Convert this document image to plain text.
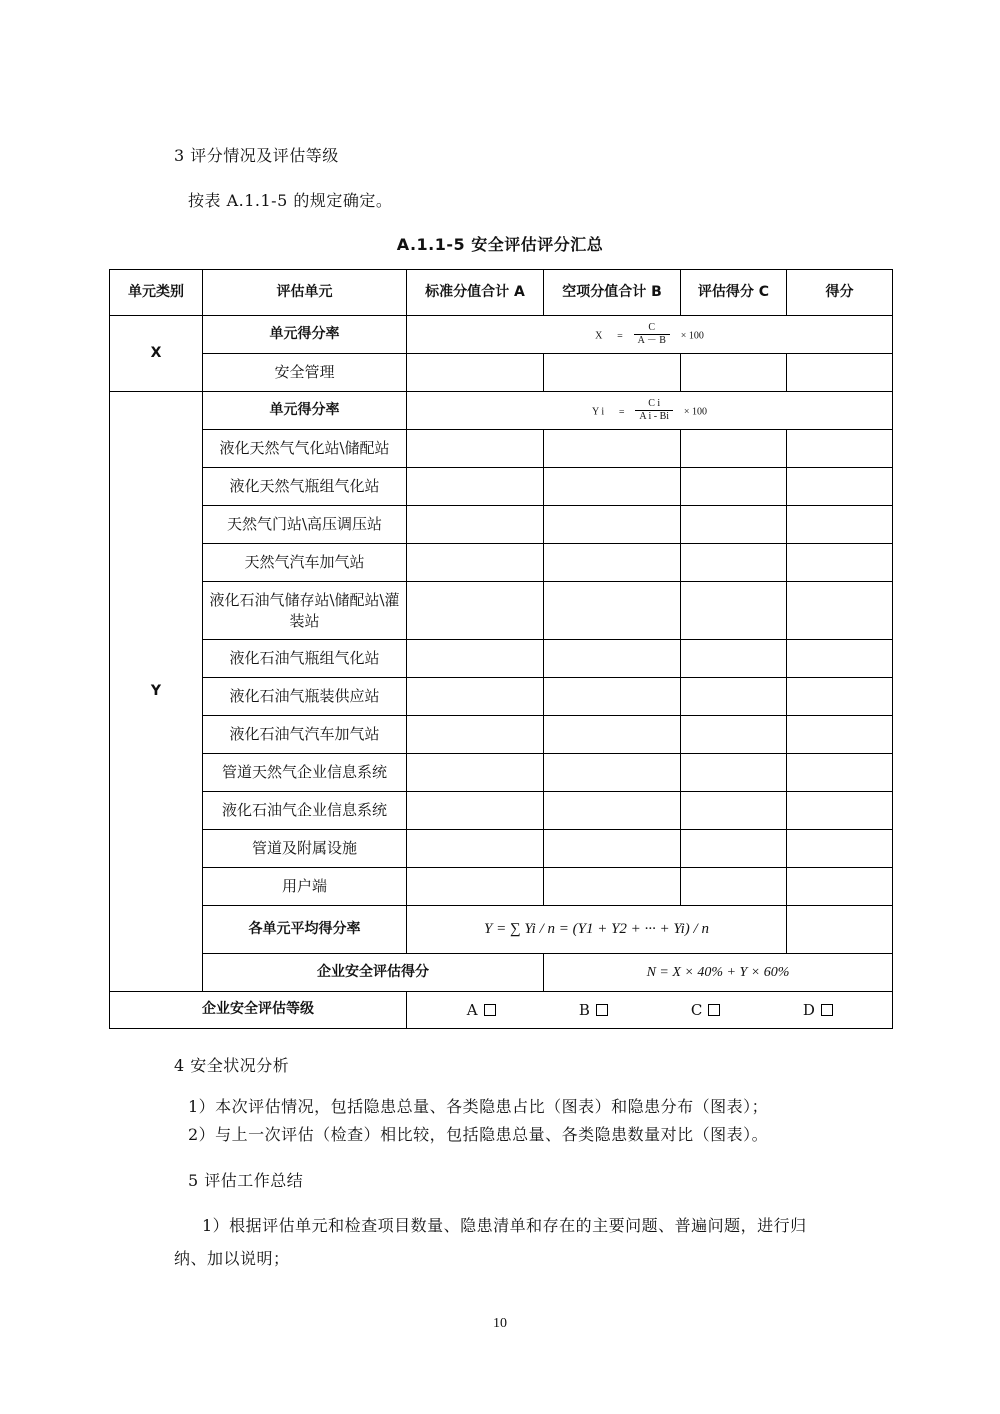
3 评分情况及评估等级
按表 A.1.1-5 的规定确定。
A.1.1-5 安全评估评分汇总
单元类别	评估单元	标准分值合计 A	空项分值合计 B	评估得分 C	得分	
X	单元得分率	$X = \frac{C}{A - B} \times 100$				
	安全管理					
Y	单元得分率	Y $i = \frac{\text{C i}}{\text{A i - Bi}} \times 100$				
	液化天然气气化站\储配站					
	液化天然气瓶组气化站					
	天然气门站\高压调压站					
	天然气汽车加气站					
	液化石油气储存站\储配站\灌装站					
	液化石油气瓶组气化站					
	液化石油气瓶装供应站					
	液化石油气汽车加气站					
	管道天然气企业信息系统					
	液化石油气企业信息系统					
	管道及附属设施					
	用户端					
	各单元平均得分率	Y = ∑ Yi / n = (Y1 + Y2 + ··· + Yi) / n				
	企业安全评估得分		N = X × 40% + Y × 60%			
企业安全评估等级		A B C D				
4 安全状况分析
1）本次评估情况，包括隐患总量、各类隐患占比（图表）和隐患分布（图表）；
2）与上一次评估（检查）相比较，包括隐患总量、各类隐患数量对比（图表）。
5 评估工作总结
1）根据评估单元和检查项目数量、隐患清单和存在的主要问题、普遍问题，进行归
纳、加以说明；
10
